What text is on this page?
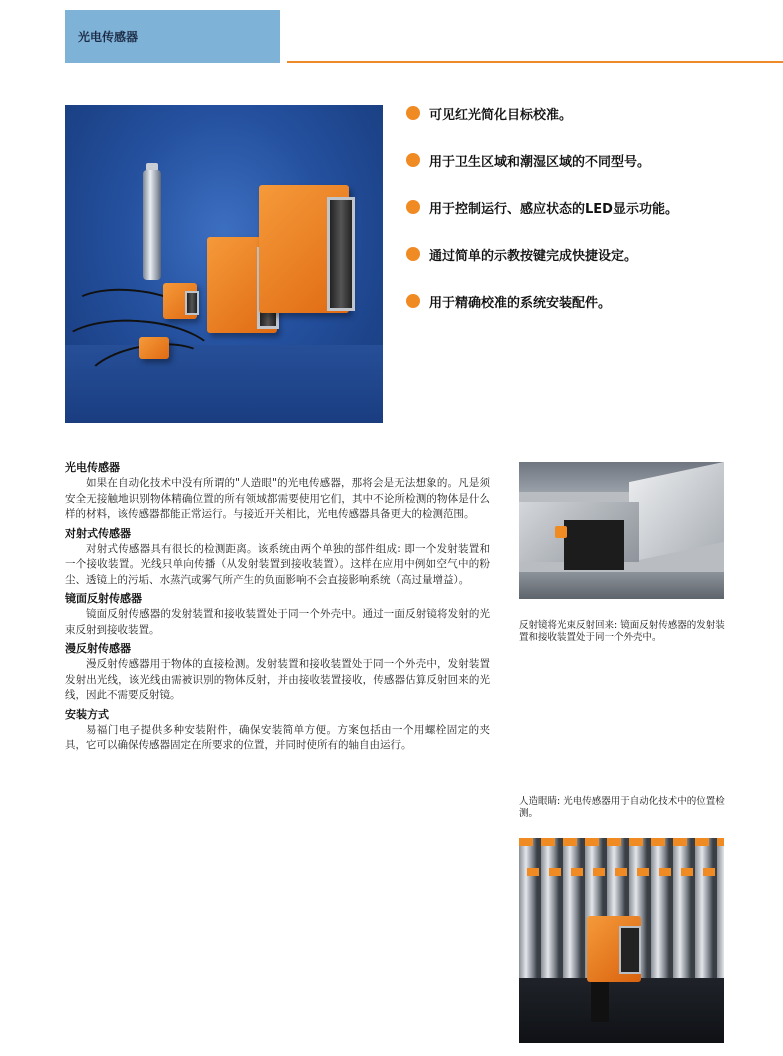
光电传感器
可见红光简化目标校准。
用于卫生区域和潮湿区域的不同型号。
用于控制运行、感应状态的LED显示功能。
通过简单的示教按键完成快捷设定。
用于精确校准的系统安装配件。
光电传感器

如果在自动化技术中没有所谓的"人造眼"的光电传感器，那将会是无法想象的。凡是须安全无接触地识别物体精确位置的所有领域都需要使用它们，其中不论所检测的物体是什么样的材料，该传感器都能正常运行。与接近开关相比，光电传感器具备更大的检测范围。

对射式传感器

对射式传感器具有很长的检测距离。该系统由两个单独的部件组成: 即一个发射装置和一个接收装置。光线只单向传播（从发射装置到接收装置）。这样在应用中例如空气中的粉尘、透镜上的污垢、水蒸汽或雾气所产生的负面影响不会直接影响系统（高过量增益）。

镜面反射传感器

镜面反射传感器的发射装置和接收装置处于同一个外壳中。通过一面反射镜将发射的光束反射到接收装置。

漫反射传感器

漫反射传感器用于物体的直接检测。发射装置和接收装置处于同一个外壳中，发射装置发射出光线，该光线由需被识别的物体反射，并由接收装置接收，传感器估算反射回来的光线，因此不需要反射镜。

安装方式

易福门电子提供多种安装附件，确保安装简单方便。方案包括由一个用螺栓固定的夹具，它可以确保传感器固定在所要求的位置，并同时使所有的轴自由运行。

反射镜将光束反射回来: 镜面反射传感器的发射装置和接收装置处于同一个外壳中。
人造眼睛: 光电传感器用于自动化技术中的位置检测。
